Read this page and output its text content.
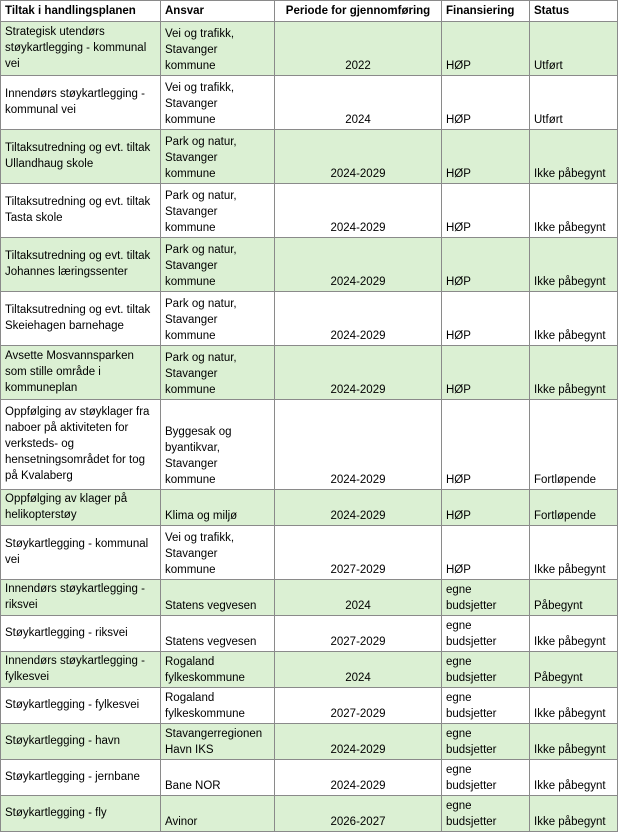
Tiltak i handlingsplanen	Ansvar	Periode for gjennomføring	Finansiering	Status
Strategisk utendørs støykartlegging - kommunal vei	Vei og trafikk, Stavanger kommune	2022	HØP	Utført
Innendørs støykartlegging - kommunal vei	Vei og trafikk, Stavanger kommune	2024	HØP	Utført
Tiltaksutredning og evt. tiltak Ullandhaug skole	Park og natur, Stavanger kommune	2024-2029	HØP	Ikke påbegynt
Tiltaksutredning og evt. tiltak Tasta skole	Park og natur, Stavanger kommune	2024-2029	HØP	Ikke påbegynt
Tiltaksutredning og evt. tiltak Johannes læringssenter	Park og natur, Stavanger kommune	2024-2029	HØP	Ikke påbegynt
Tiltaksutredning og evt. tiltak Skeiehagen barnehage	Park og natur, Stavanger kommune	2024-2029	HØP	Ikke påbegynt
Avsette Mosvannsparken som stille område i kommuneplan	Park og natur, Stavanger kommune	2024-2029	HØP	Ikke påbegynt
Oppfølging av støyklager fra naboer på aktiviteten for verksteds- og hensetningsområdet for tog på Kvalaberg	Byggesak og byantikvar, Stavanger kommune	2024-2029	HØP	Fortløpende
Oppfølging av klager på helikopterstøy	Klima og miljø	2024-2029	HØP	Fortløpende
Støykartlegging - kommunal vei	Vei og trafikk, Stavanger kommune	2027-2029	HØP	Ikke påbegynt
Innendørs støykartlegging - riksvei	Statens vegvesen	2024	egne budsjetter	Påbegynt
Støykartlegging - riksvei	Statens vegvesen	2027-2029	egne budsjetter	Ikke påbegynt
Innendørs støykartlegging - fylkesvei	Rogaland fylkeskommune	2024	egne budsjetter	Påbegynt
Støykartlegging - fylkesvei	Rogaland fylkeskommune	2027-2029	egne budsjetter	Ikke påbegynt
Støykartlegging - havn	Stavangerregionen Havn IKS	2024-2029	egne budsjetter	Ikke påbegynt
Støykartlegging - jernbane	Bane NOR	2024-2029	egne budsjetter	Ikke påbegynt
Støykartlegging - fly	Avinor	2026-2027	egne budsjetter	Ikke påbegynt
